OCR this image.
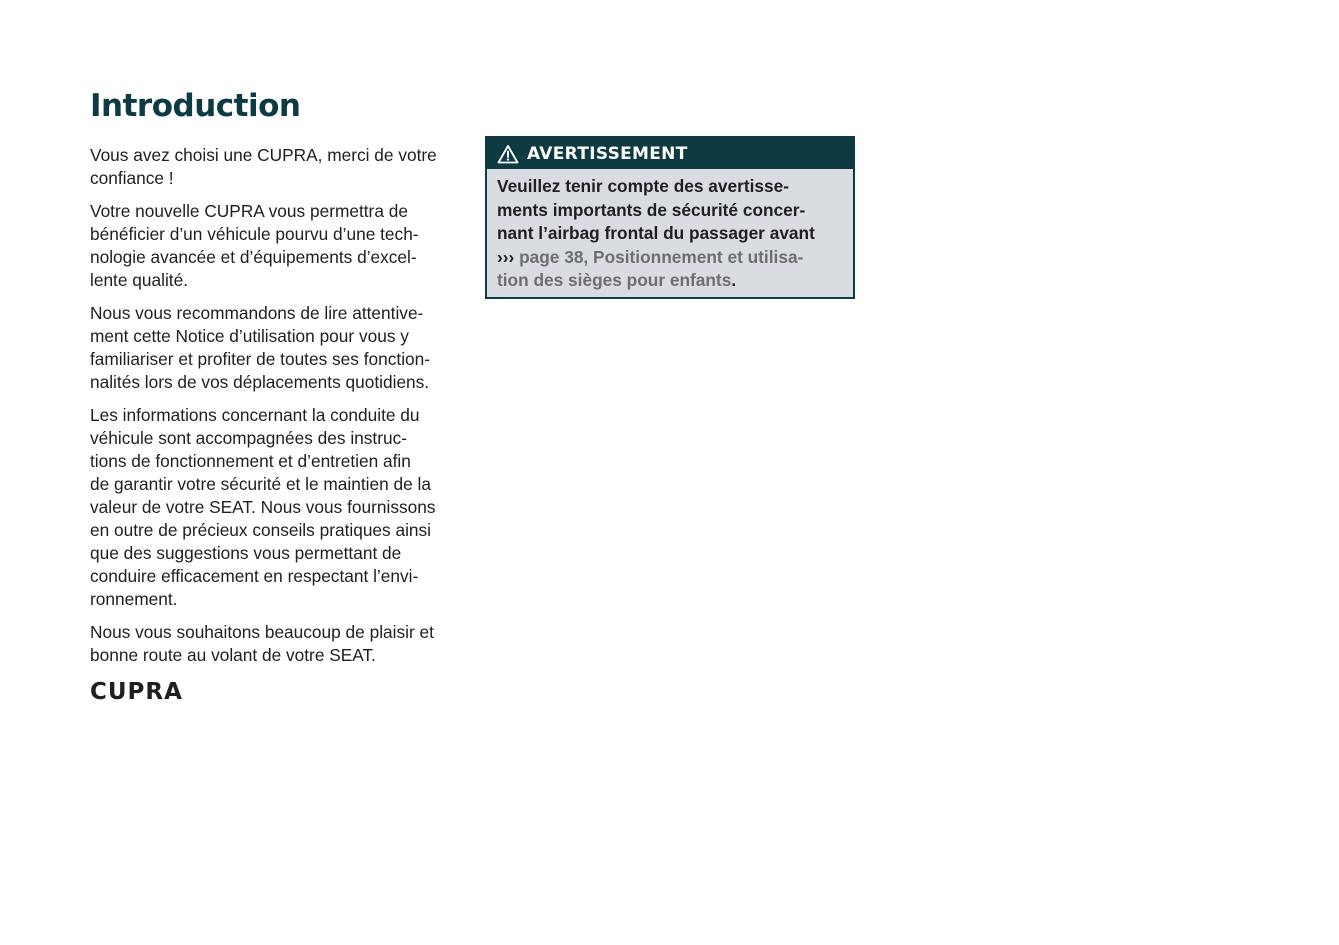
Introduction

Vous avez choisi une CUPRA, merci de votre
confiance !

Votre nouvelle CUPRA vous permettra de
bénéficier d’un véhicule pourvu d’une tech-
nologie avancée et d’équipements d’excel-
lente qualité.

Nous vous recommandons de lire attentive-
ment cette Notice d’utilisation pour vous y
familiariser et profiter de toutes ses fonction-
nalités lors de vos déplacements quotidiens.

Les informations concernant la conduite du
véhicule sont accompagnées des instruc-
tions de fonctionnement et d’entretien afin
de garantir votre sécurité et le maintien de la
valeur de votre SEAT. Nous vous fournissons
en outre de précieux conseils pratiques ainsi
que des suggestions vous permettant de
conduire efficacement en respectant l’envi-
ronnement.

Nous vous souhaitons beaucoup de plaisir et
bonne route au volant de votre SEAT.

CUPRA
AVERTISSEMENT
Veuillez tenir compte des avertisse-
ments importants de sécurité concer-
nant l’airbag frontal du passager avant
››› page 38, Positionnement et utilisa-
tion des sièges pour enfants.
